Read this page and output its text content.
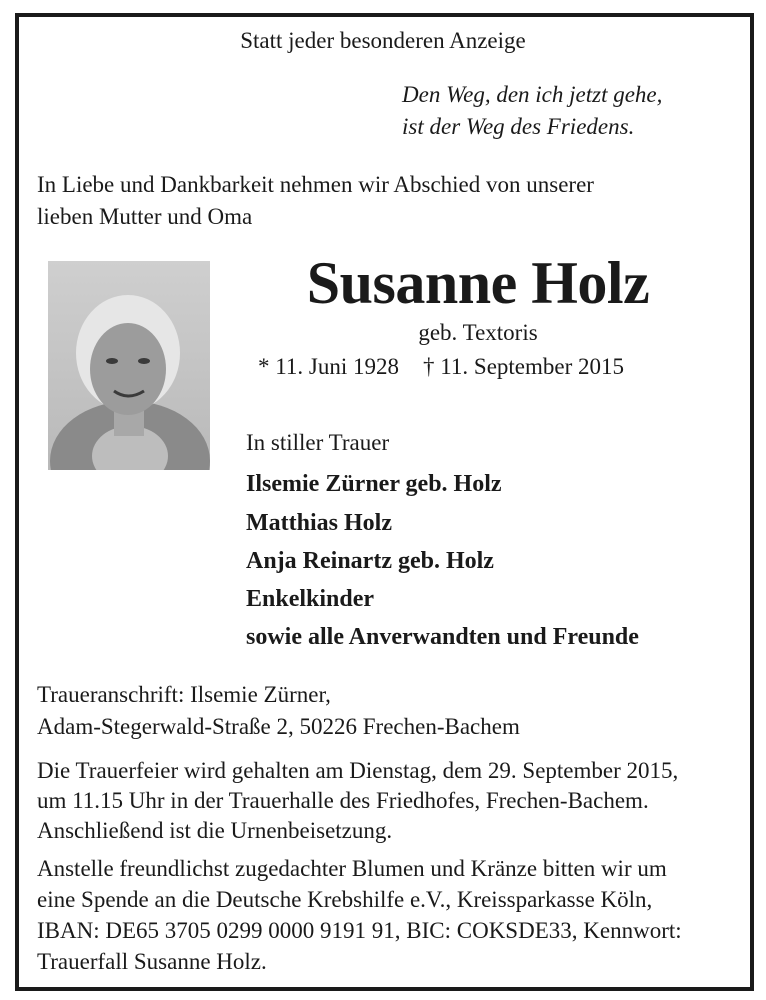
Statt jeder besonderen Anzeige

Den Weg, den ich jetzt gehe,

ist der Weg des Friedens.

In Liebe und Dankbarkeit nehmen wir Abschied von unserer

lieben Mutter und Oma

Susanne Holz

geb. Textoris

* 11. Juni 1928 † 11. September 2015

In stiller Trauer

Ilsemie Zürner geb. Holz

Matthias Holz

Anja Reinartz geb. Holz

Enkelkinder

sowie alle Anverwandten und Freunde

Traueranschrift: Ilsemie Zürner,

Adam-Stegerwald-Straße 2, 50226 Frechen-Bachem

Die Trauerfeier wird gehalten am Dienstag, dem 29. September 2015,

um 11.15 Uhr in der Trauerhalle des Friedhofes, Frechen-Bachem.

Anschließend ist die Urnenbeisetzung.

Anstelle freundlichst zugedachter Blumen und Kränze bitten wir um

eine Spende an die Deutsche Krebshilfe e.V., Kreissparkasse Köln,

IBAN: DE65 3705 0299 0000 9191 91, BIC: COKSDE33, Kennwort:

Trauerfall Susanne Holz.
